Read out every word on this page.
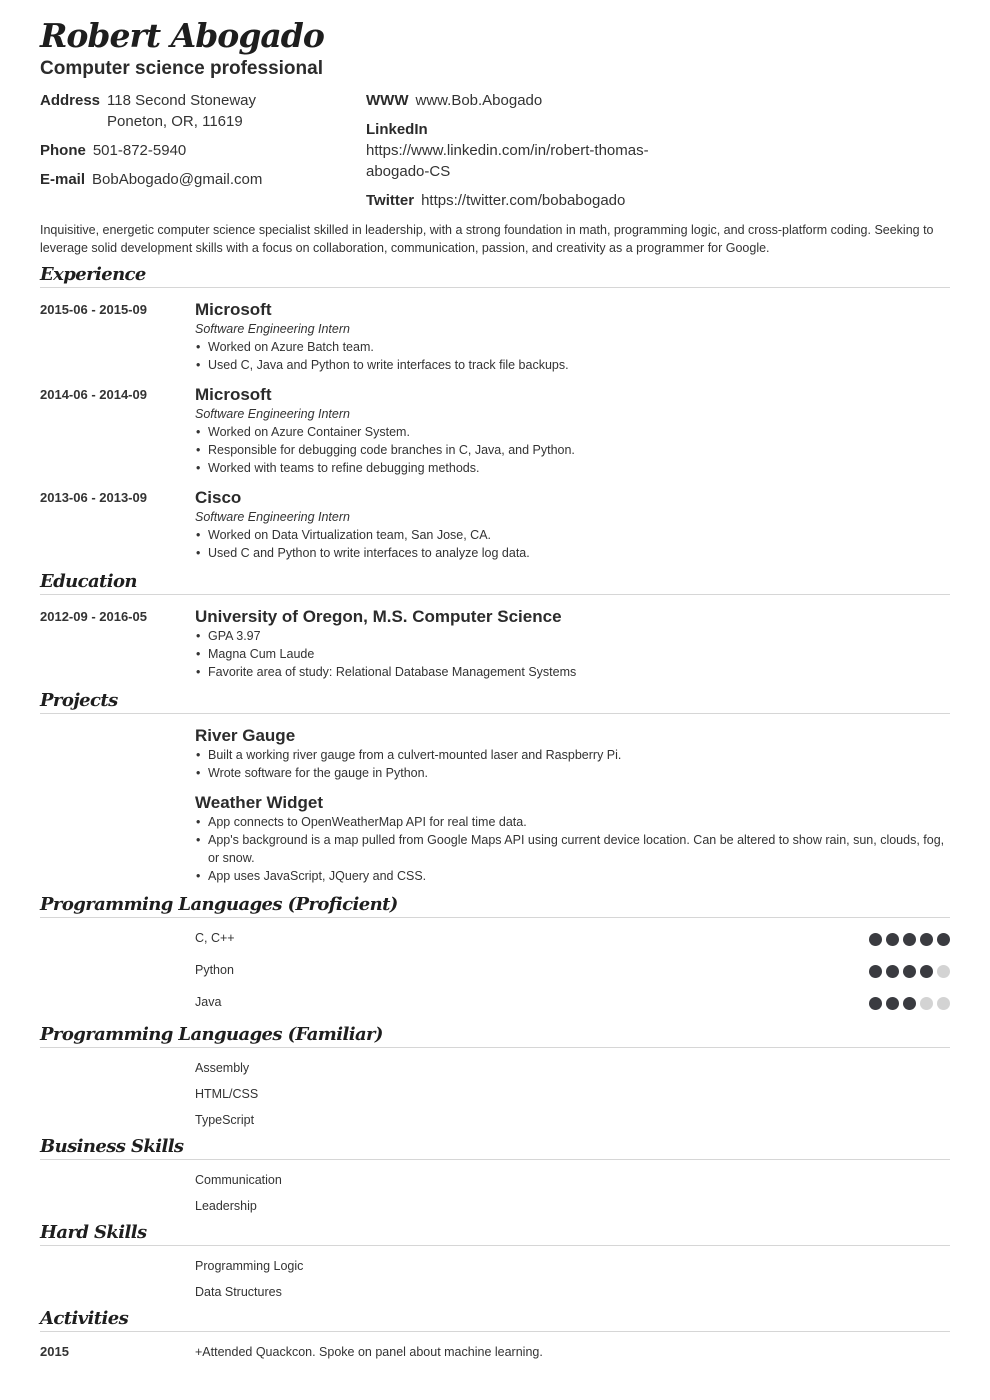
Robert Abogado

Computer science professional

Address 118 Second Stoneway
Poneton, OR, 11619
Phone 501-872-5940
E-mail BobAbogado@gmail.com
WWW www.Bob.Abogado
LinkedIn
https://www.linkedin.com/in/robert-thomas-
abogado-CS
Twitter https://twitter.com/bobabogado

Inquisitive, energetic computer science specialist skilled in leadership, with a strong foundation in math, programming logic, and cross-platform coding. Seeking to leverage solid development skills with a focus on collaboration, communication, passion, and creativity as a programmer for Google.

Experience
2015-06 - 2015-09	Microsoft

Software Engineering Intern

• Worked on Azure Batch team.
• Used C, Java and Python to write interfaces to track file backups.
2014-06 - 2014-09	Microsoft

Software Engineering Intern

• Worked on Azure Container System.
• Responsible for debugging code branches in C, Java, and Python.
• Worked with teams to refine debugging methods.
2013-06 - 2013-09	Cisco

Software Engineering Intern

• Worked on Data Virtualization team, San Jose, CA.
• Used C and Python to write interfaces to analyze log data.
Education
2012-09 - 2016-05	University of Oregon, M.S. Computer Science

• GPA 3.97
• Magna Cum Laude
• Favorite area of study: Relational Database Management Systems
Projects

River Gauge

• Built a working river gauge from a culvert-mounted laser and Raspberry Pi.
• Wrote software for the gauge in Python.

Weather Widget

• App connects to OpenWeatherMap API for real time data.
• App's background is a map pulled from Google Maps API using current device location. Can be altered to show rain, sun, clouds, fog, or snow.
• App uses JavaScript, JQuery and CSS.
Programming Languages (Proficient)
C, C++
Python
Java
Programming Languages (Familiar)
Assembly
HTML/CSS
TypeScript
Business Skills
Communication
Leadership
Hard Skills
Programming Logic
Data Structures
Activities
2015	+Attended Quackcon. Spoke on panel about machine learning.
